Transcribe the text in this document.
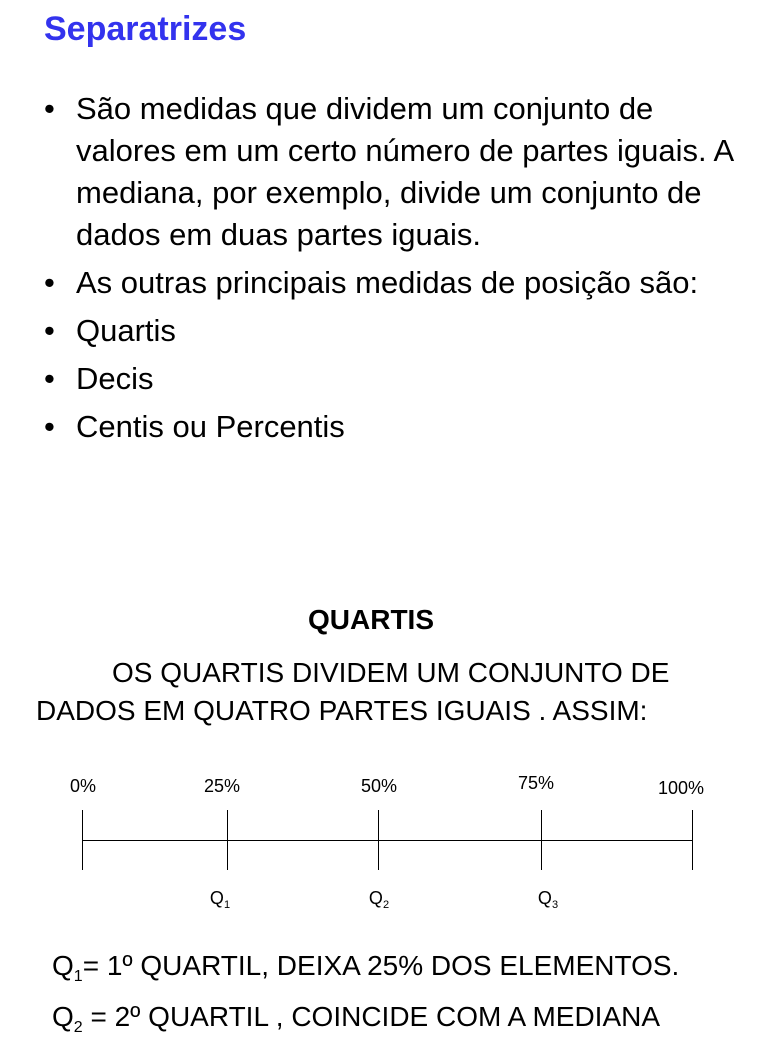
Separatrizes
• São medidas que dividem um conjunto de valores em um certo número de partes iguais. A mediana, por exemplo, divide um conjunto de dados em duas partes iguais.
• As outras principais medidas de posição são:
• Quartis
• Decis
• Centis ou Percentis
QUARTIS
OS QUARTIS DIVIDEM UM CONJUNTO DE DADOS EM QUATRO PARTES IGUAIS . ASSIM:
0%	25%	50%	75%	100%
$Q_1$	$Q_2$	$Q_3$
$Q_1=$ 1º QUARTIL, DEIXA 25% DOS ELEMENTOS.
$Q_2$ = 2º QUARTIL , COINCIDE COM A MEDIANA
